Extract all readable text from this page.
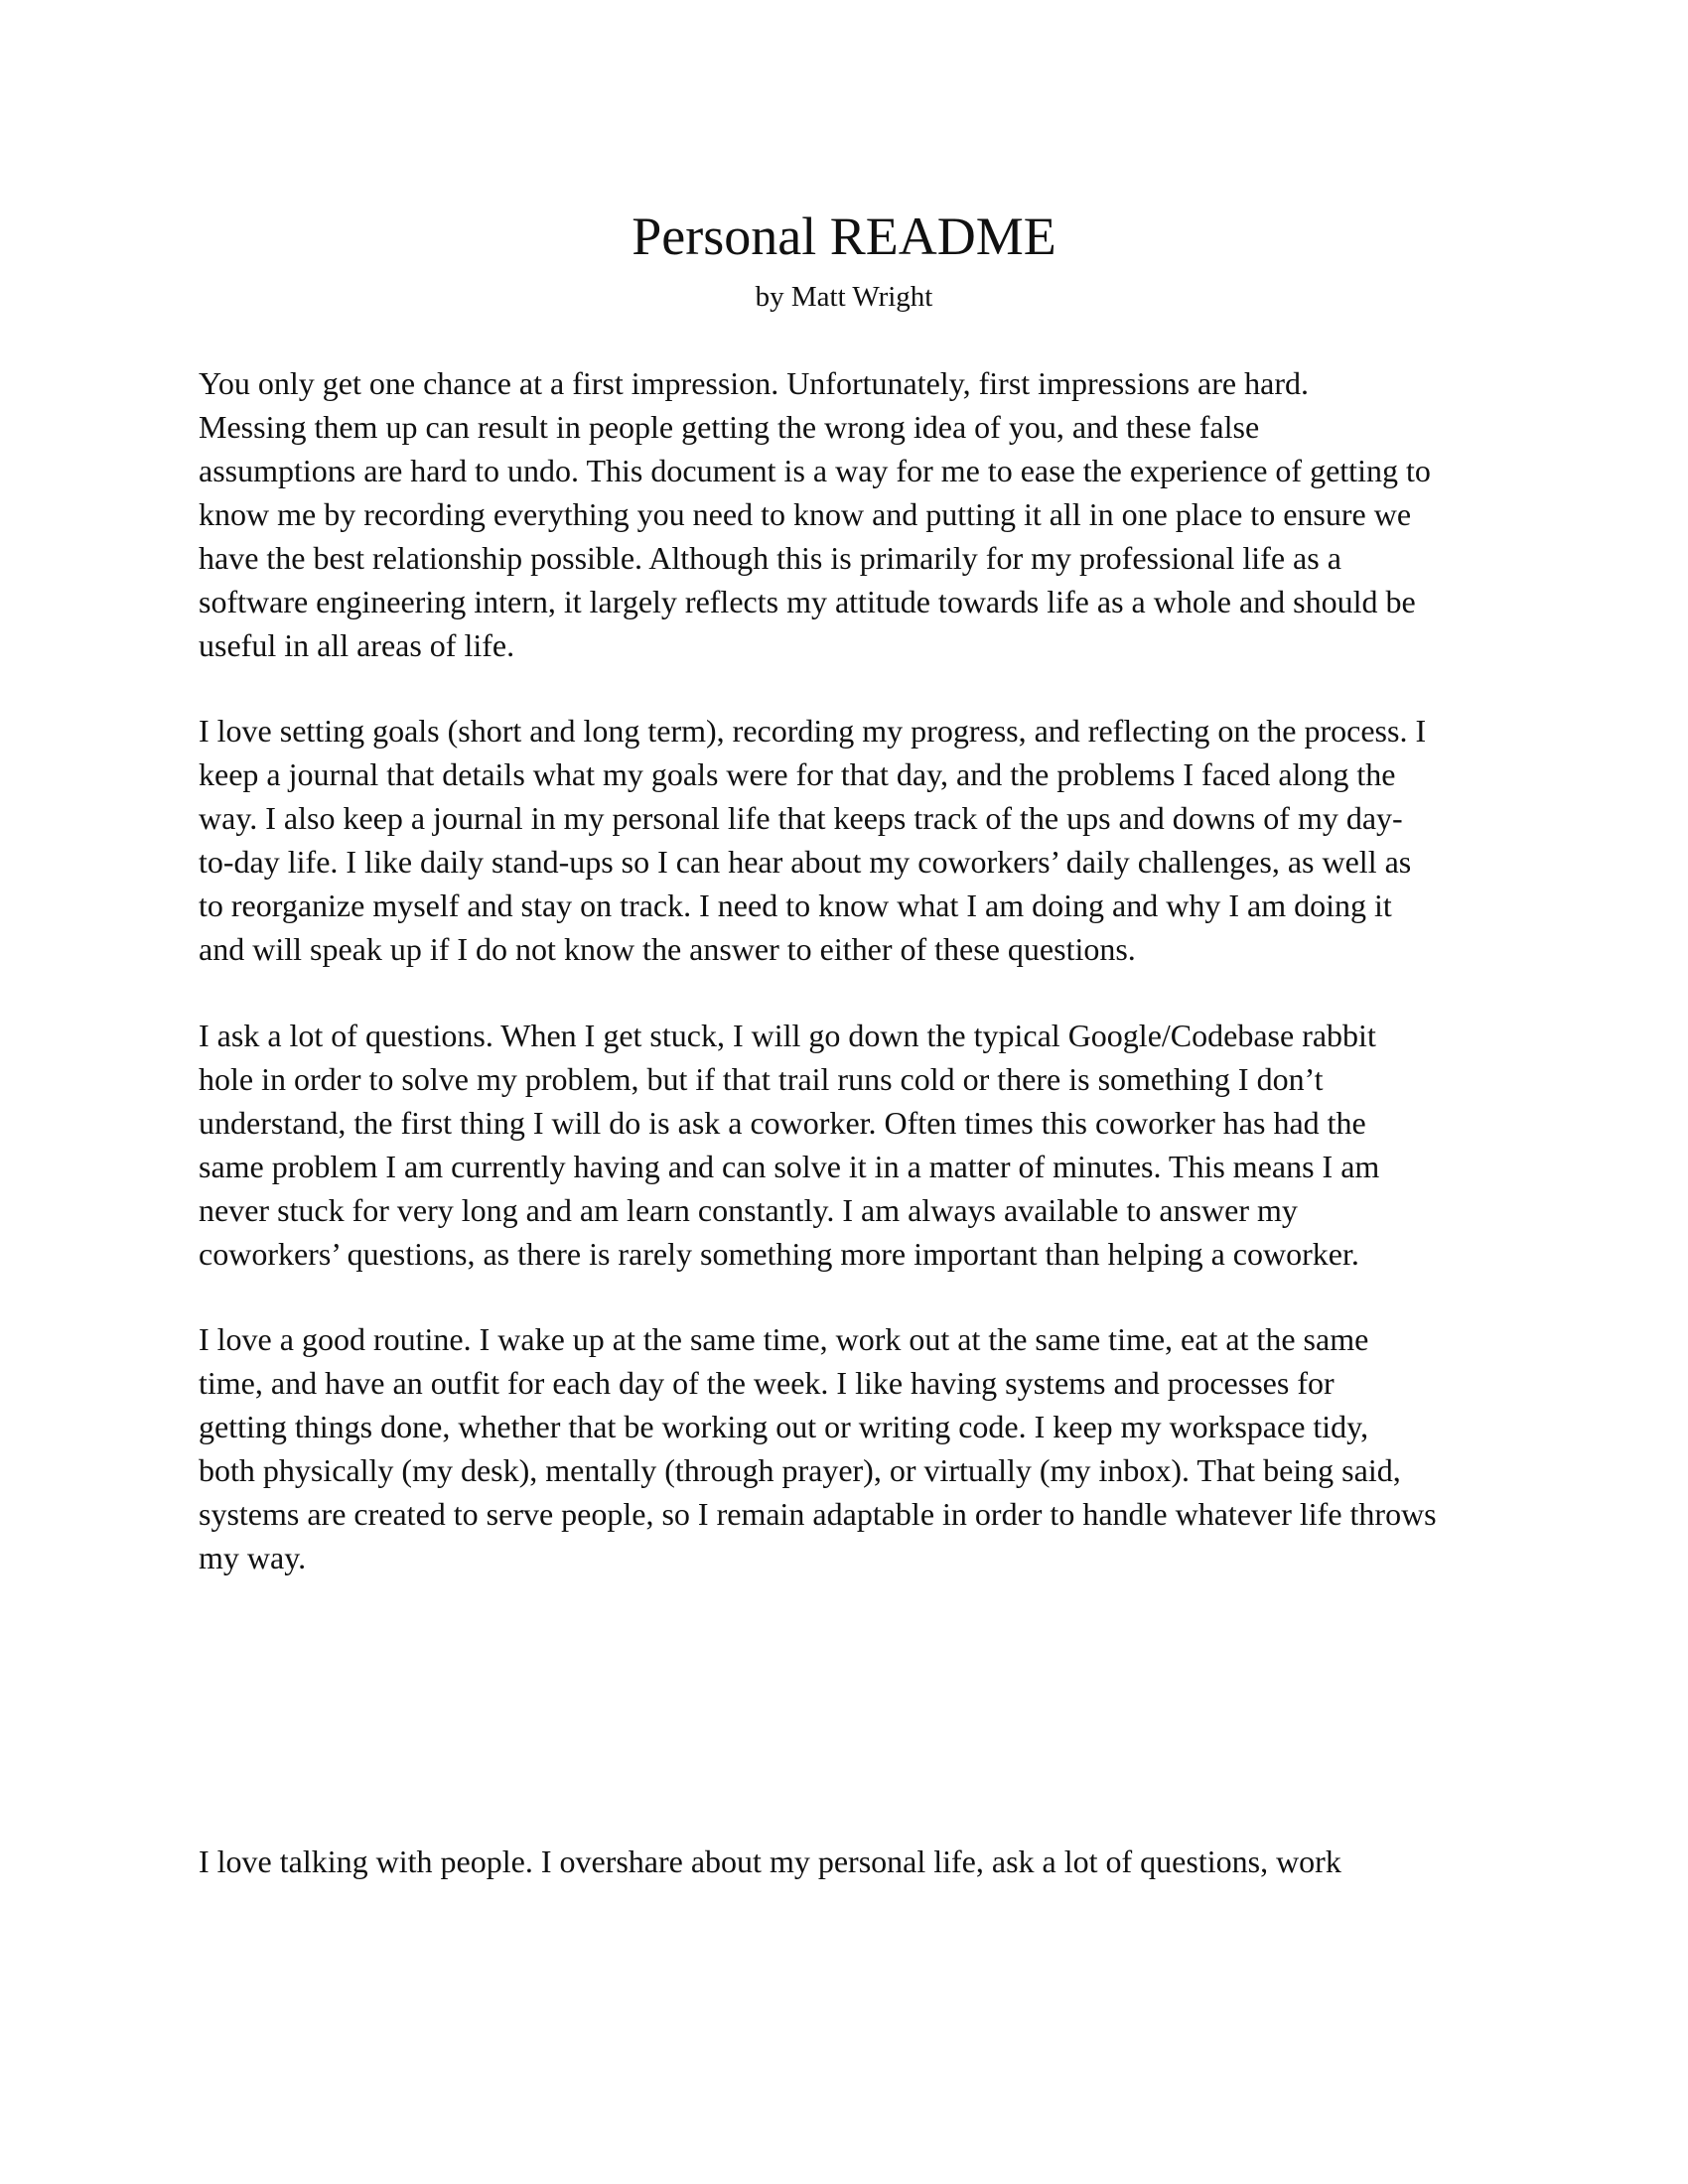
Personal README
by Matt Wright

You only get one chance at a first impression. Unfortunately, first impressions are hard.
Messing them up can result in people getting the wrong idea of you, and these false
assumptions are hard to undo. This document is a way for me to ease the experience of getting to
know me by recording everything you need to know and putting it all in one place to ensure we
have the best relationship possible. Although this is primarily for my professional life as a
software engineering intern, it largely reflects my attitude towards life as a whole and should be
useful in all areas of life.

I love setting goals (short and long term), recording my progress, and reflecting on the process. I
keep a journal that details what my goals were for that day, and the problems I faced along the
way. I also keep a journal in my personal life that keeps track of the ups and downs of my day-
to-day life. I like daily stand-ups so I can hear about my coworkers’ daily challenges, as well as
to reorganize myself and stay on track. I need to know what I am doing and why I am doing it
and will speak up if I do not know the answer to either of these questions.

I ask a lot of questions. When I get stuck, I will go down the typical Google/Codebase rabbit
hole in order to solve my problem, but if that trail runs cold or there is something I don’t
understand, the first thing I will do is ask a coworker. Often times this coworker has had the
same problem I am currently having and can solve it in a matter of minutes. This means I am
never stuck for very long and am learn constantly. I am always available to answer my
coworkers’ questions, as there is rarely something more important than helping a coworker.

I love a good routine. I wake up at the same time, work out at the same time, eat at the same
time, and have an outfit for each day of the week. I like having systems and processes for
getting things done, whether that be working out or writing code. I keep my workspace tidy,
both physically (my desk), mentally (through prayer), or virtually (my inbox). That being said,
systems are created to serve people, so I remain adaptable in order to handle whatever life throws
my way.

I love talking with people. I overshare about my personal life, ask a lot of questions, work
